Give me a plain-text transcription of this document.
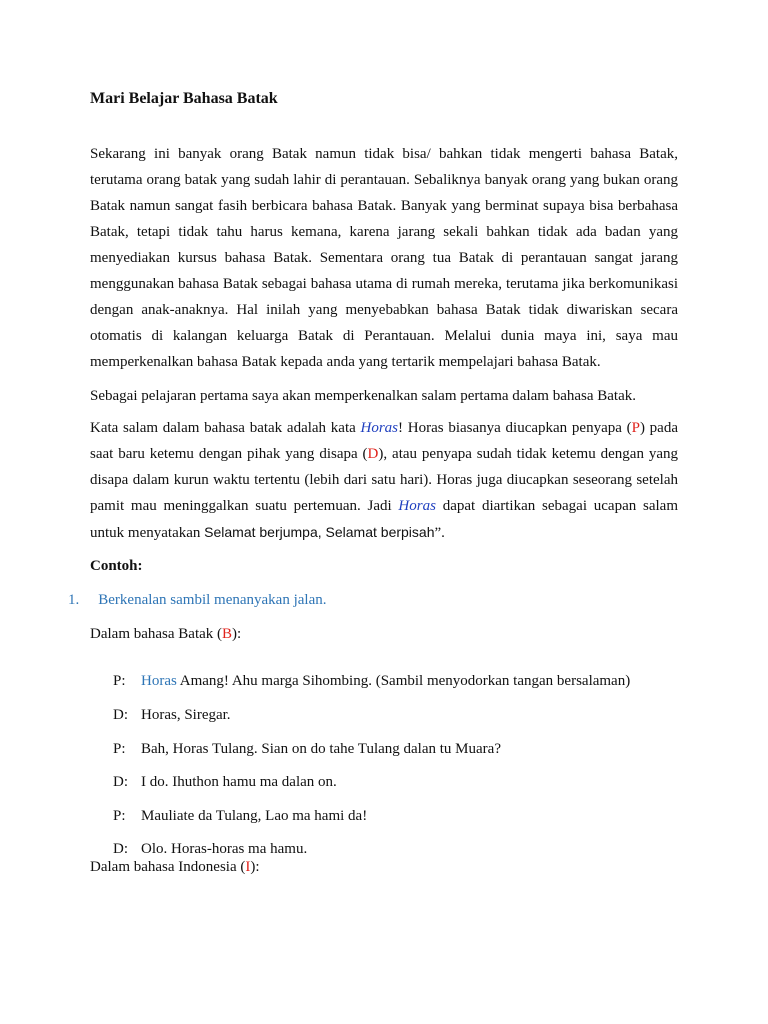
Mari Belajar Bahasa Batak

Sekarang ini banyak orang Batak namun tidak bisa/ bahkan tidak mengerti bahasa Batak, terutama orang batak yang sudah lahir di perantauan. Sebaliknya banyak orang yang bukan orang Batak namun sangat fasih berbicara bahasa Batak. Banyak yang berminat supaya bisa berbahasa Batak, tetapi tidak tahu harus kemana, karena jarang sekali bahkan tidak ada badan yang menyediakan kursus bahasa Batak. Sementara orang tua Batak di perantauan sangat jarang menggunakan bahasa Batak sebagai bahasa utama di rumah mereka, terutama jika berkomunikasi dengan anak-anaknya. Hal inilah yang menyebabkan bahasa Batak tidak diwariskan secara otomatis di kalangan keluarga Batak di Perantauan. Melalui dunia maya ini, saya mau memperkenalkan bahasa Batak kepada anda yang tertarik mempelajari bahasa Batak.

Sebagai pelajaran pertama saya akan memperkenalkan salam pertama dalam bahasa Batak.

Kata salam dalam bahasa batak adalah kata Horas! Horas biasanya diucapkan penyapa (P) pada saat baru ketemu dengan pihak yang disapa (D), atau penyapa sudah tidak ketemu dengan yang disapa dalam kurun waktu tertentu (lebih dari satu hari). Horas juga diucapkan seseorang setelah pamit mau meninggalkan suatu pertemuan. Jadi Horas dapat diartikan sebagai ucapan salam untuk menyatakan Selamat berjumpa, Selamat berpisah”.

Contoh:

1. Berkenalan sambil menanyakan jalan.

Dalam bahasa Batak (B):

P: Horas Amang! Ahu marga Sihombing. (Sambil menyodorkan tangan bersalaman)

D: Horas, Siregar.

P: Bah, Horas Tulang. Sian on do tahe Tulang dalan tu Muara?

D: I do. Ihuthon hamu ma dalan on.

P: Mauliate da Tulang, Lao ma hami da!

D: Olo. Horas-horas ma hamu.

Dalam bahasa Indonesia (I):
